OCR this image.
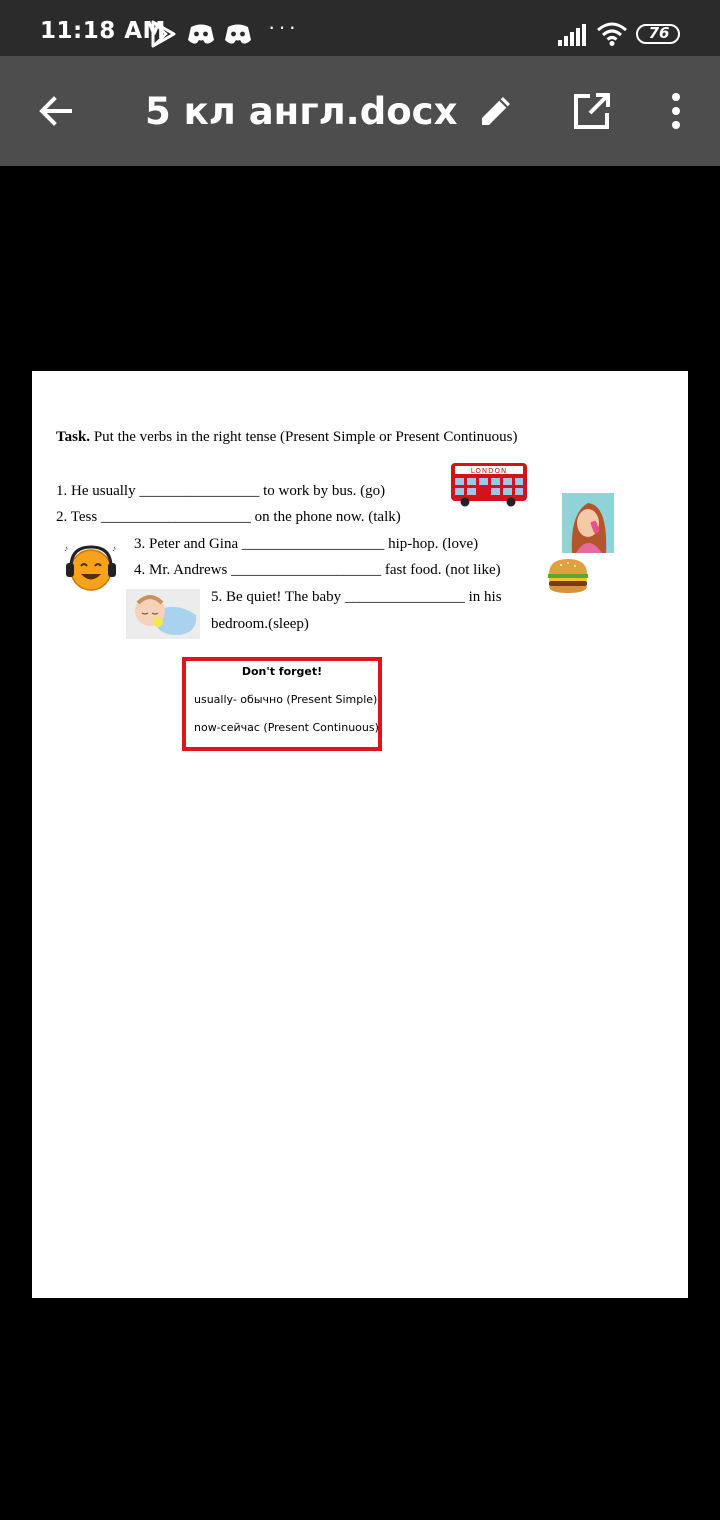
11:18 AM	···	76
5 кл англ.docx
Task. Put the verbs in the right tense (Present Simple or Present Continuous)
1. He usually ________________ to work by bus. (go)
2. Tess ____________________ on the phone now. (talk)
3. Peter and Gina ___________________ hip-hop. (love)
4. Mr. Andrews ____________________ fast food. (not like)
5. Be quiet! The baby ________________ in his
bedroom.(sleep)
LONDON
♪	♪
Don't forget!
usually- обычно (Present Simple)
now-сейчас (Present Continuous)
